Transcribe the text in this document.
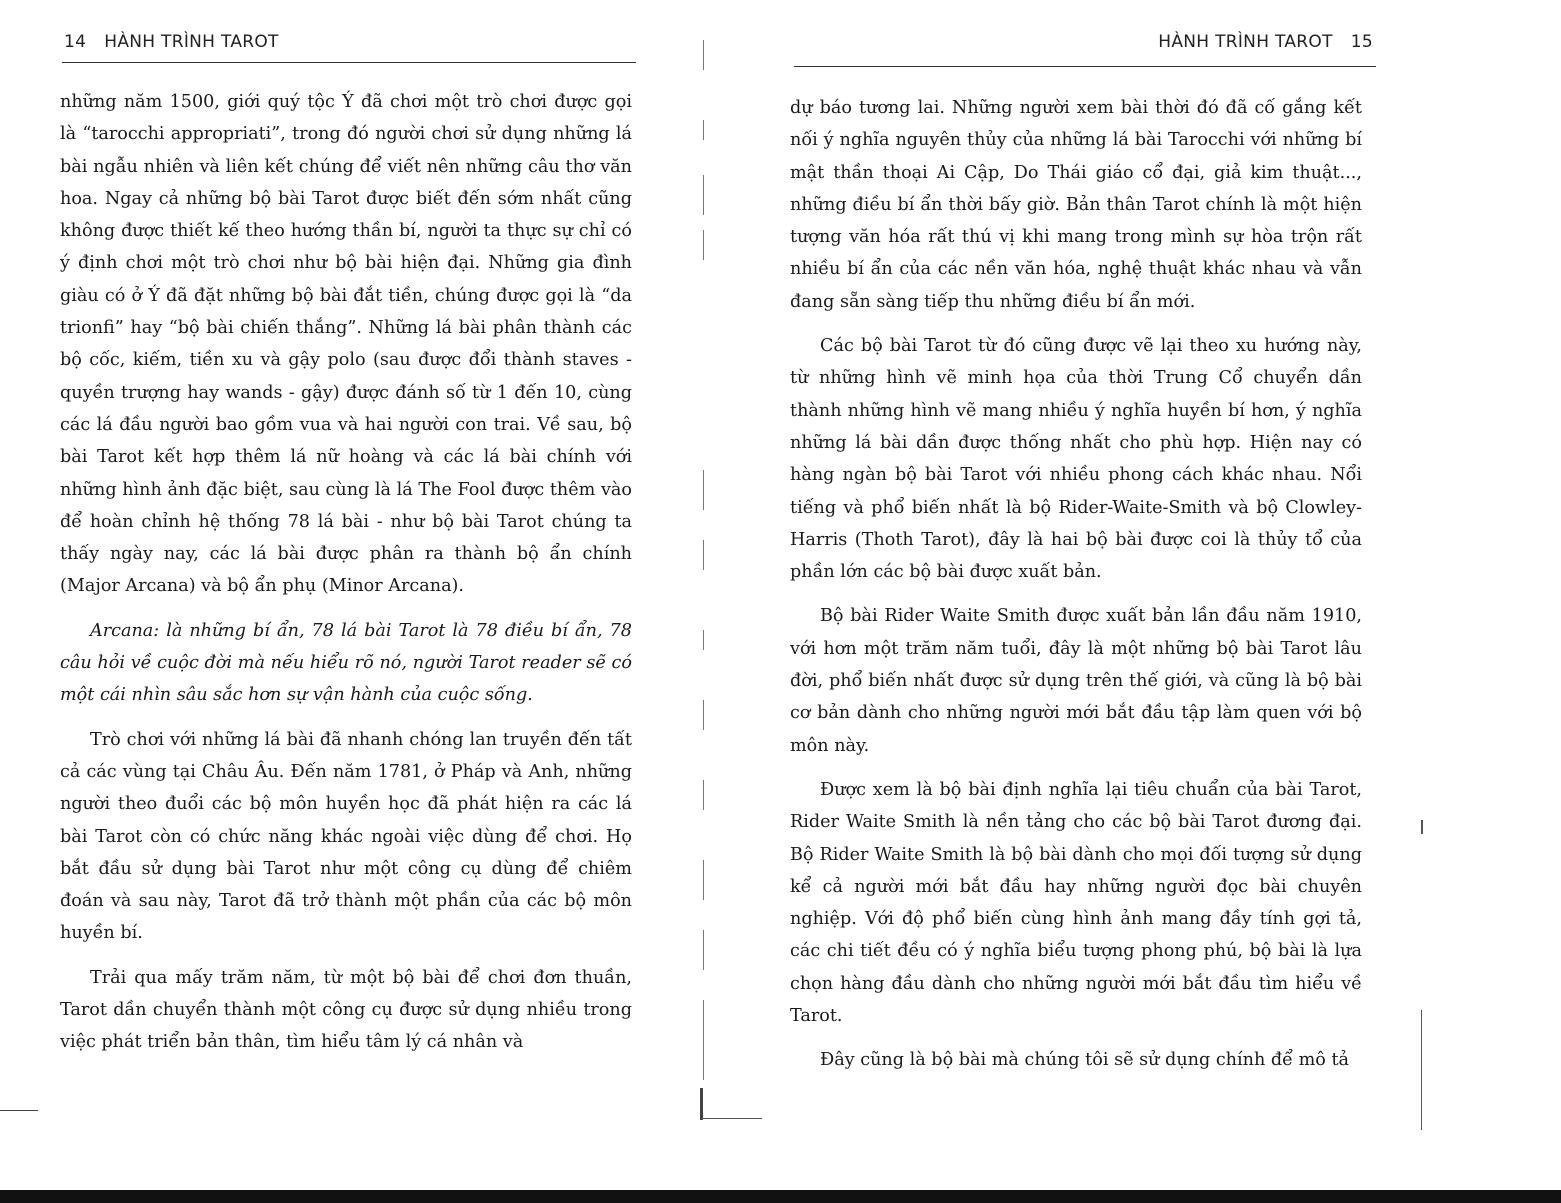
14 HÀNH TRÌNH TAROT

những năm 1500, giới quý tộc Ý đã chơi một trò chơi được gọi là “tarocchi appropriati”, trong đó người chơi sử dụng những lá bài ngẫu nhiên và liên kết chúng để viết nên những câu thơ văn hoa. Ngay cả những bộ bài Tarot được biết đến sớm nhất cũng không được thiết kế theo hướng thần bí, người ta thực sự chỉ có ý định chơi một trò chơi như bộ bài hiện đại. Những gia đình giàu có ở Ý đã đặt những bộ bài đắt tiền, chúng được gọi là “da trionfi” hay “bộ bài chiến thắng”. Những lá bài phân thành các bộ cốc, kiếm, tiền xu và gậy polo (sau được đổi thành staves - quyền trượng hay wands - gậy) được đánh số từ 1 đến 10, cùng các lá đầu người bao gồm vua và hai người con trai. Về sau, bộ bài Tarot kết hợp thêm lá nữ hoàng và các lá bài chính với những hình ảnh đặc biệt, sau cùng là lá The Fool được thêm vào để hoàn chỉnh hệ thống 78 lá bài - như bộ bài Tarot chúng ta thấy ngày nay, các lá bài được phân ra thành bộ ẩn chính (Major Arcana) và bộ ẩn phụ (Minor Arcana).

Arcana: là những bí ẩn, 78 lá bài Tarot là 78 điều bí ẩn, 78 câu hỏi về cuộc đời mà nếu hiểu rõ nó, người Tarot reader sẽ có một cái nhìn sâu sắc hơn sự vận hành của cuộc sống.

Trò chơi với những lá bài đã nhanh chóng lan truyền đến tất cả các vùng tại Châu Âu. Đến năm 1781, ở Pháp và Anh, những người theo đuổi các bộ môn huyền học đã phát hiện ra các lá bài Tarot còn có chức năng khác ngoài việc dùng để chơi. Họ bắt đầu sử dụng bài Tarot như một công cụ dùng để chiêm đoán và sau này, Tarot đã trở thành một phần của các bộ môn huyền bí.

Trải qua mấy trăm năm, từ một bộ bài để chơi đơn thuần, Tarot dần chuyển thành một công cụ được sử dụng nhiều trong việc phát triển bản thân, tìm hiểu tâm lý cá nhân và

HÀNH TRÌNH TAROT 15

dự báo tương lai. Những người xem bài thời đó đã cố gắng kết nối ý nghĩa nguyên thủy của những lá bài Tarocchi với những bí mật thần thoại Ai Cập, Do Thái giáo cổ đại, giả kim thuật..., những điều bí ẩn thời bấy giờ. Bản thân Tarot chính là một hiện tượng văn hóa rất thú vị khi mang trong mình sự hòa trộn rất nhiều bí ẩn của các nền văn hóa, nghệ thuật khác nhau và vẫn đang sẵn sàng tiếp thu những điều bí ẩn mới.

Các bộ bài Tarot từ đó cũng được vẽ lại theo xu hướng này, từ những hình vẽ minh họa của thời Trung Cổ chuyển dần thành những hình vẽ mang nhiều ý nghĩa huyền bí hơn, ý nghĩa những lá bài dần được thống nhất cho phù hợp. Hiện nay có hàng ngàn bộ bài Tarot với nhiều phong cách khác nhau. Nổi tiếng và phổ biến nhất là bộ Rider-Waite-Smith và bộ Clowley-Harris (Thoth Tarot), đây là hai bộ bài được coi là thủy tổ của phần lớn các bộ bài được xuất bản.

Bộ bài Rider Waite Smith được xuất bản lần đầu năm 1910, với hơn một trăm năm tuổi, đây là một những bộ bài Tarot lâu đời, phổ biến nhất được sử dụng trên thế giới, và cũng là bộ bài cơ bản dành cho những người mới bắt đầu tập làm quen với bộ môn này.

Được xem là bộ bài định nghĩa lại tiêu chuẩn của bài Tarot, Rider Waite Smith là nền tảng cho các bộ bài Tarot đương đại. Bộ Rider Waite Smith là bộ bài dành cho mọi đối tượng sử dụng kể cả người mới bắt đầu hay những người đọc bài chuyên nghiệp. Với độ phổ biến cùng hình ảnh mang đầy tính gợi tả, các chi tiết đều có ý nghĩa biểu tượng phong phú, bộ bài là lựa chọn hàng đầu dành cho những người mới bắt đầu tìm hiểu về Tarot.

Đây cũng là bộ bài mà chúng tôi sẽ sử dụng chính để mô tả
